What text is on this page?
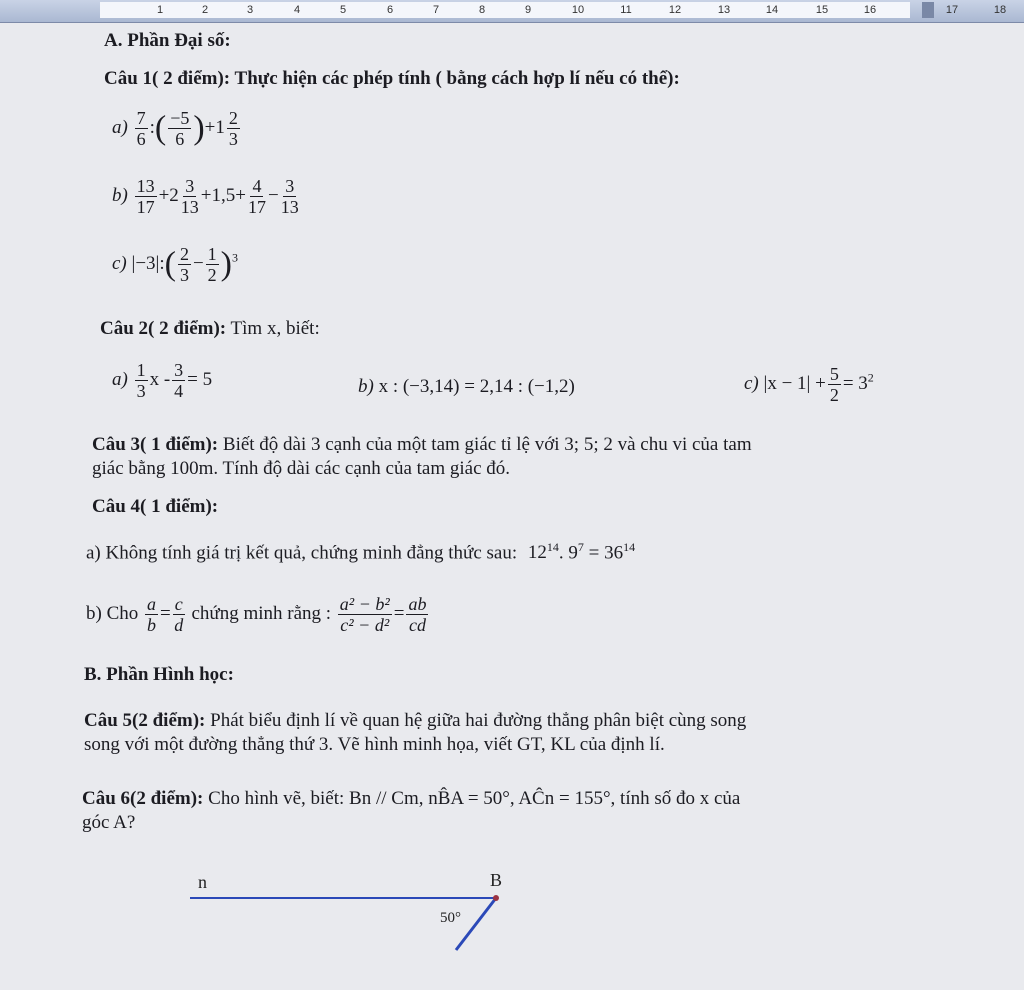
1	2	3	4	5	6	7	8	9	10	11	12	13	14	15	16	17	18
A. Phần Đại số:
Câu 1( 2 điểm): Thực hiện các phép tính ( bằng cách hợp lí nếu có thể):
$a) \frac{7}{6}$ :( $\frac{-5}{6} )+1 \frac{2}{3}$
$b) \frac{13}{17} +2 \frac{3}{13} +1,5+ \frac{4}{17} - \frac{3}{13}$
c) |−3|:( $\frac{2}{3} - \frac{1}{2} )^3$
Câu 2( 2 điểm): Tìm x, biết:
$a) \frac{1}{3}$ $x - \frac{3}{4} = 5$	b) x : (−3,14) = 2,14 : (−1,2)	c) $|x - 1| + \frac{5}{2} = 3^2$
Câu 3( 1 điểm): Biết độ dài 3 cạnh của một tam giác tỉ lệ với 3; 5; 2 và chu vi của tam
giác bằng 100m. Tính độ dài các cạnh của tam giác đó.
Câu 4( 1 điểm):
a) Không tính giá trị kết quả, chứng minh đẳng thức sau: $12^{14}$. $9^7 = 36^{14}$
b) Cho $\frac{a}{b} = \frac{c}{d}$ chứng minh rằng : $\frac{\text{a² − b²}}{\text{c² − d²}} = \frac{ab}{cd}$
B. Phần Hình học:
Câu 5(2 điểm): Phát biểu định lí về quan hệ giữa hai đường thẳng phân biệt cùng song
song với một đường thẳng thứ 3. Vẽ hình minh họa, viết GT, KL của định lí.
Câu 6(2 điểm): Cho hình vẽ, biết: Bn // Cm, nB̂A = 50°, AĈn = 155°, tính số đo x của
góc A?
n	B
50°
